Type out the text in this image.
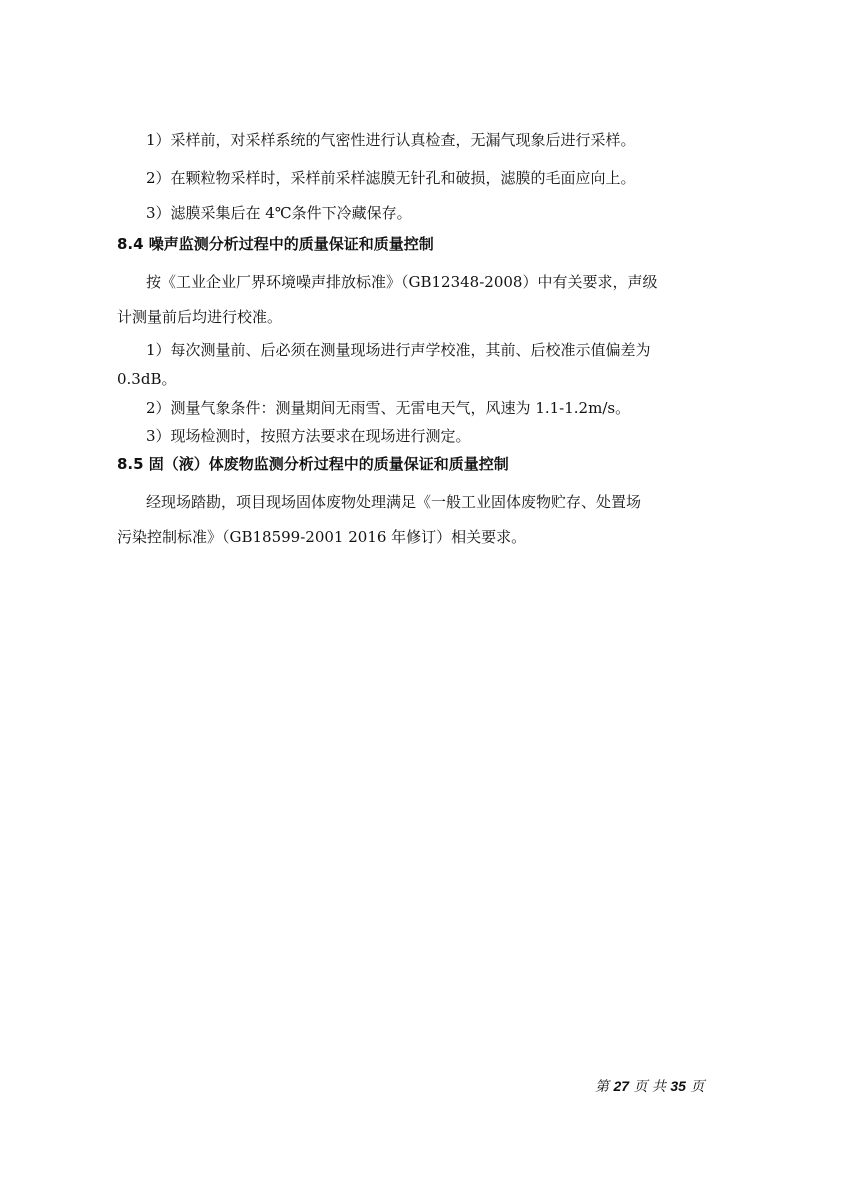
1）采样前，对采样系统的气密性进行认真检查，无漏气现象后进行采样。
2）在颗粒物采样时，采样前采样滤膜无针孔和破损，滤膜的毛面应向上。
3）滤膜采集后在 4℃条件下冷藏保存。
8.4 噪声监测分析过程中的质量保证和质量控制
按《工业企业厂界环境噪声排放标准》（GB12348-2008）中有关要求，声级
计测量前后均进行校准。
1）每次测量前、后必须在测量现场进行声学校准，其前、后校准示值偏差为
0.3dB。
2）测量气象条件：测量期间无雨雪、无雷电天气，风速为 1.1-1.2m/s。
3）现场检测时，按照方法要求在现场进行测定。
8.5 固（液）体废物监测分析过程中的质量保证和质量控制
经现场踏勘，项目现场固体废物处理满足《一般工业固体废物贮存、处置场
污染控制标准》（GB18599-2001 2016 年修订）相关要求。
第 27 页 共 35 页
